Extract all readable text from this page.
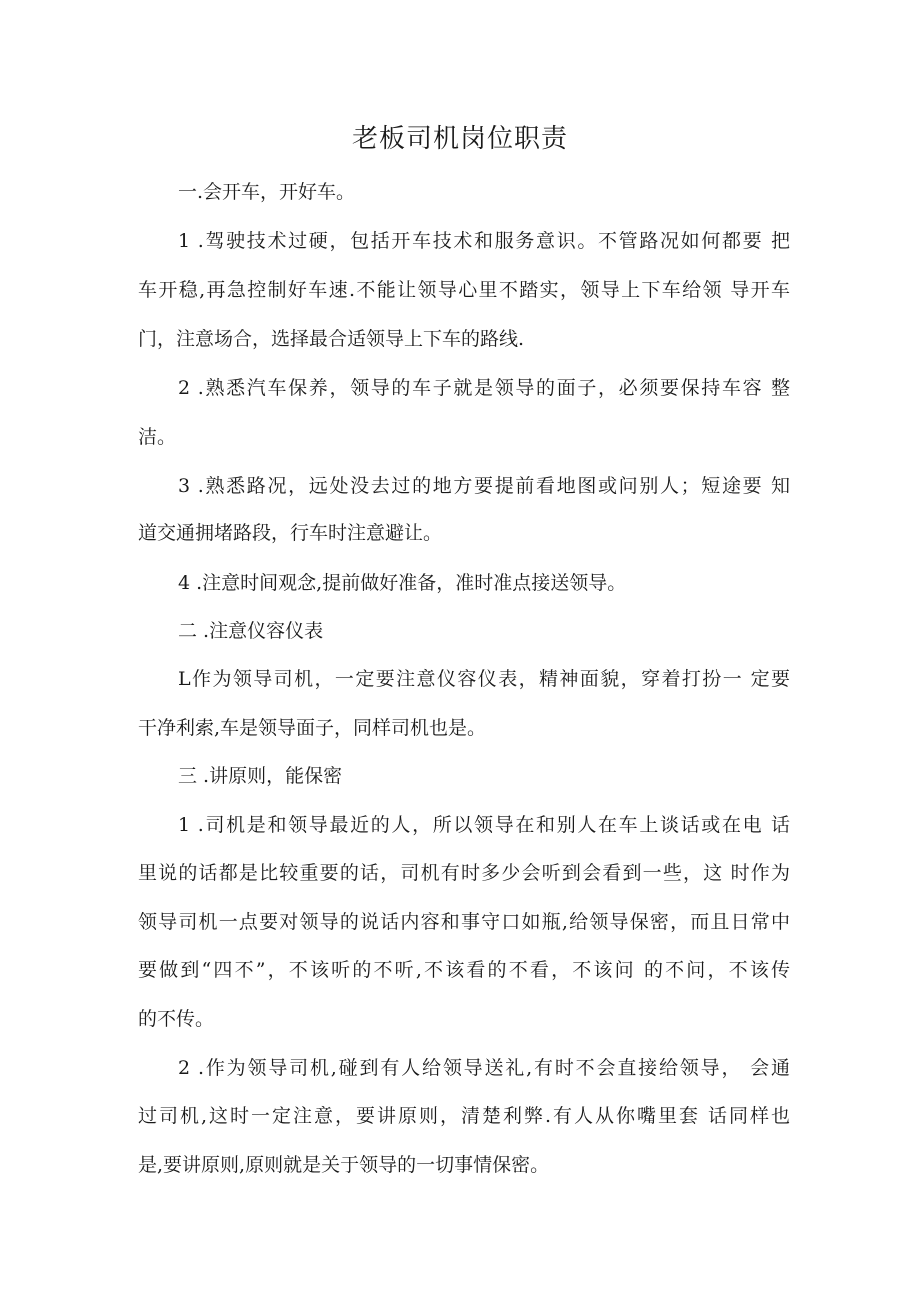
老板司机岗位职责
一.会开车，开好车。
1 .驾驶技术过硬，包括开车技术和服务意识。不管路况如何都要 把
车开稳,再急控制好车速.不能让领导心里不踏实，领导上下车给领 导开车
门，注意场合，选择最合适领导上下车的路线.
2 .熟悉汽车保养，领导的车子就是领导的面子，必须要保持车容 整
洁。
3 .熟悉路况，远处没去过的地方要提前看地图或问别人；短途要 知
道交通拥堵路段，行车时注意避让。
4 .注意时间观念,提前做好准备，准时准点接送领导。
二 .注意仪容仪表
L作为领导司机，一定要注意仪容仪表，精神面貌，穿着打扮一 定要
干净利索,车是领导面子，同样司机也是。
三 .讲原则，能保密
1 .司机是和领导最近的人，所以领导在和别人在车上谈话或在电 话
里说的话都是比较重要的话，司机有时多少会听到会看到一些，这 时作为
领导司机一点要对领导的说话内容和事守口如瓶,给领导保密，而且日常中
要做到“四不”，不该听的不听,不该看的不看，不该问 的不问，不该传
的不传。
2 .作为领导司机,碰到有人给领导送礼,有时不会直接给领导， 会通
过司机,这时一定注意，要讲原则，清楚利弊.有人从你嘴里套 话同样也
是,要讲原则,原则就是关于领导的一切事情保密。
